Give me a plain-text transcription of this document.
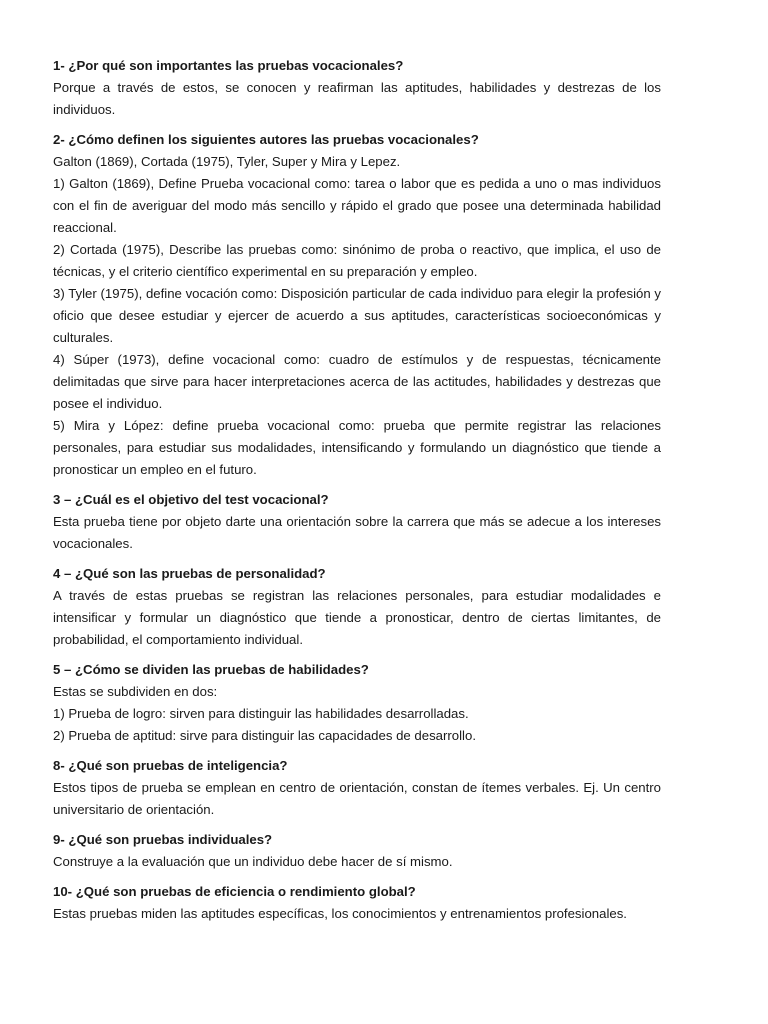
1- ¿Por qué son importantes las pruebas vocacionales?

Porque a través de estos, se conocen y reafirman las aptitudes, habilidades y destrezas de los individuos.

2- ¿Cómo definen los siguientes autores las pruebas vocacionales?

Galton (1869), Cortada (1975), Tyler, Super y Mira y Lepez.
1) Galton (1869), Define Prueba vocacional como: tarea o labor que es pedida a uno o mas individuos con el fin de averiguar del modo más sencillo y rápido el grado que posee una determinada habilidad reaccional.
2) Cortada (1975), Describe las pruebas como: sinónimo de proba o reactivo, que implica, el uso de técnicas, y el criterio científico experimental en su preparación y empleo.
3) Tyler (1975), define vocación como: Disposición particular de cada individuo para elegir la profesión y oficio que desee estudiar y ejercer de acuerdo a sus aptitudes, características socioeconómicas y culturales.
4) Súper (1973), define vocacional como: cuadro de estímulos y de respuestas, técnicamente delimitadas que sirve para hacer interpretaciones acerca de las actitudes, habilidades y destrezas que posee el individuo.
5) Mira y López: define prueba vocacional como: prueba que permite registrar las relaciones personales, para estudiar sus modalidades, intensificando y formulando un diagnóstico que tiende a pronosticar un empleo en el futuro.

3 – ¿Cuál es el objetivo del test vocacional?

Esta prueba tiene por objeto darte una orientación sobre la carrera que más se adecue a los intereses vocacionales.

4 – ¿Qué son las pruebas de personalidad?

A través de estas pruebas se registran las relaciones personales, para estudiar modalidades e intensificar y formular un diagnóstico que tiende a pronosticar, dentro de ciertas limitantes, de probabilidad, el comportamiento individual.

5 – ¿Cómo se dividen las pruebas de habilidades?

Estas se subdividen en dos:
1) Prueba de logro: sirven para distinguir las habilidades desarrolladas.
2) Prueba de aptitud: sirve para distinguir las capacidades de desarrollo.

8- ¿Qué son pruebas de inteligencia?

Estos tipos de prueba se emplean en centro de orientación, constan de ítemes verbales. Ej. Un centro universitario de orientación.

9- ¿Qué son pruebas individuales?

Construye a la evaluación que un individuo debe hacer de sí mismo.

10- ¿Qué son pruebas de eficiencia o rendimiento global?

Estas pruebas miden las aptitudes específicas, los conocimientos y entrenamientos profesionales.
